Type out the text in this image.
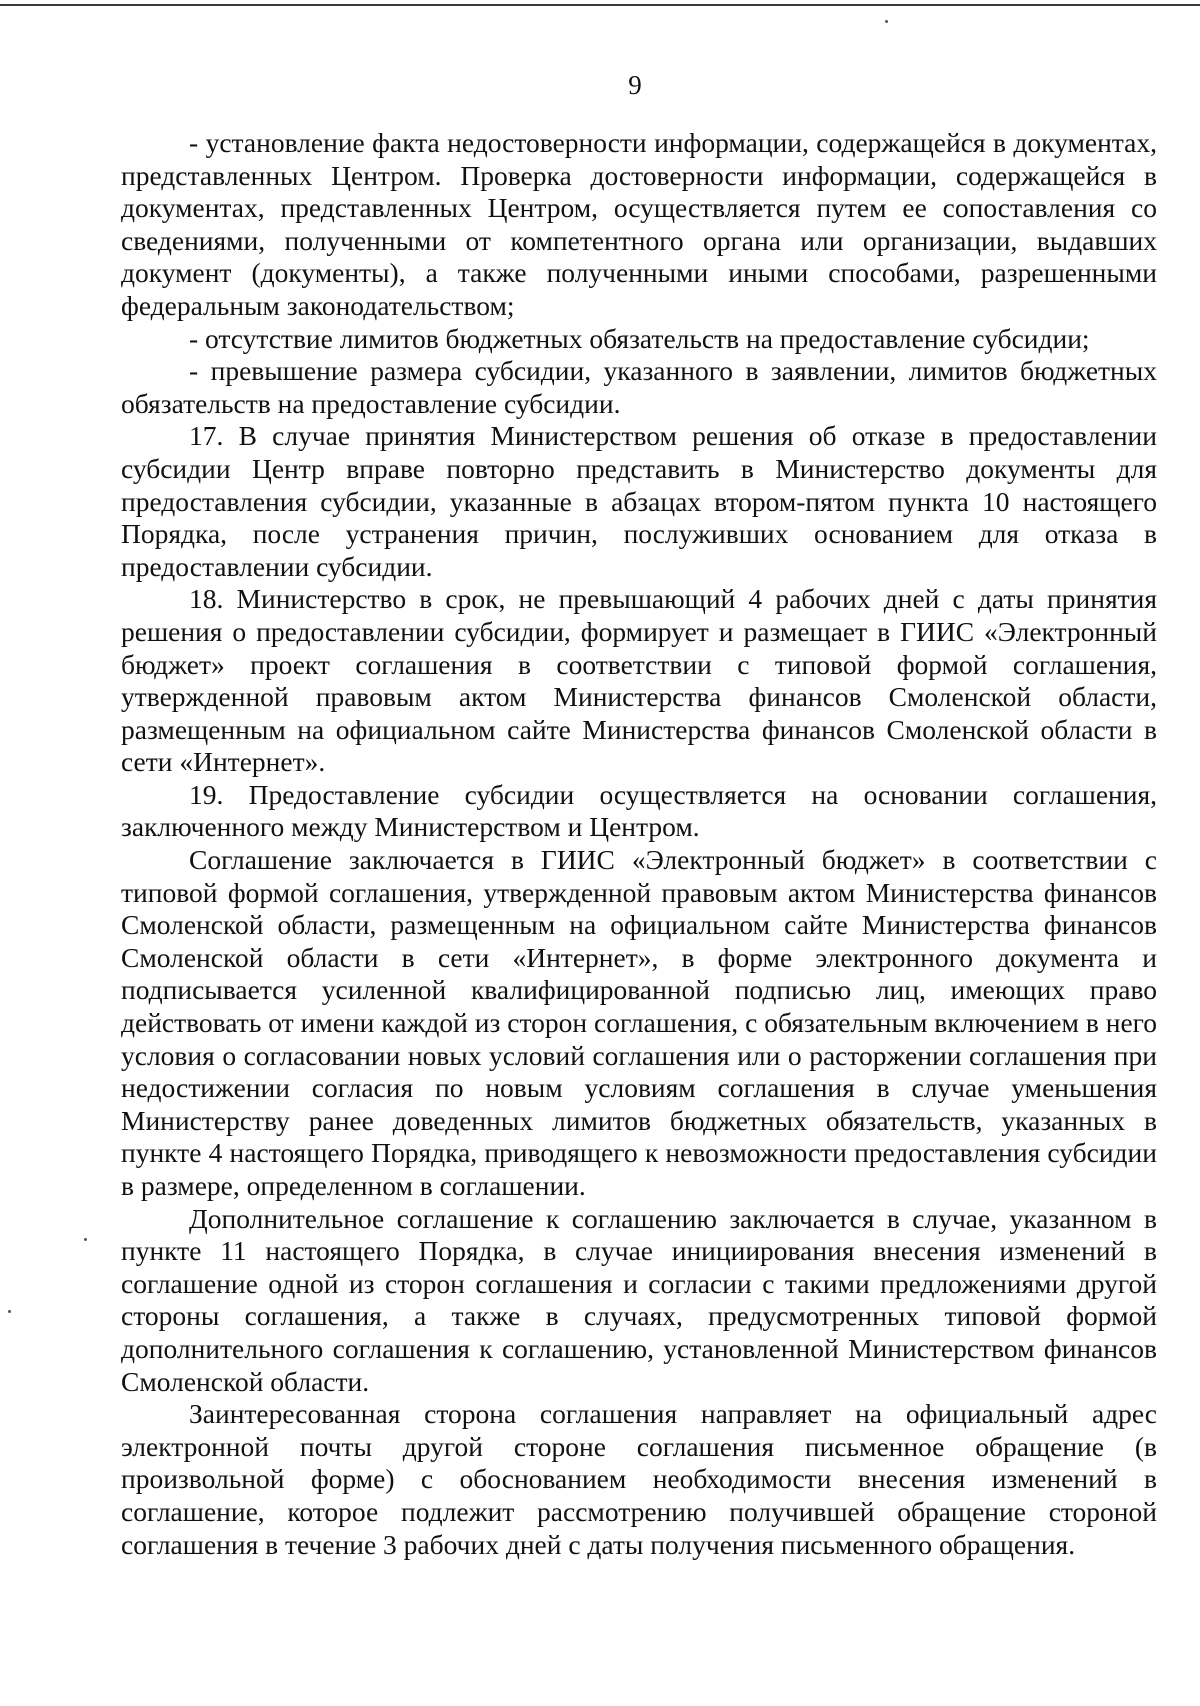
9

- установление факта недостоверности информации, содержащейся в документах, представленных Центром. Проверка достоверности информации, содержащейся в документах, представленных Центром, осуществляется путем ее сопоставления со сведениями, полученными от компетентного органа или организации, выдавших документ (документы), а также полученными иными способами, разрешенными федеральным законодательством;

- отсутствие лимитов бюджетных обязательств на предоставление субсидии;

- превышение размера субсидии, указанного в заявлении, лимитов бюджетных обязательств на предоставление субсидии.

17. В случае принятия Министерством решения об отказе в предоставлении субсидии Центр вправе повторно представить в Министерство документы для предоставления субсидии, указанные в абзацах втором-пятом пункта 10 настоящего Порядка, после устранения причин, послуживших основанием для отказа в предоставлении субсидии.

18. Министерство в срок, не превышающий 4 рабочих дней с даты принятия решения о предоставлении субсидии, формирует и размещает в ГИИС «Электронный бюджет» проект соглашения в соответствии с типовой формой соглашения, утвержденной правовым актом Министерства финансов Смоленской области, размещенным на официальном сайте Министерства финансов Смоленской области в сети «Интернет».

19. Предоставление субсидии осуществляется на основании соглашения, заключенного между Министерством и Центром.

Соглашение заключается в ГИИС «Электронный бюджет» в соответствии с типовой формой соглашения, утвержденной правовым актом Министерства финансов Смоленской области, размещенным на официальном сайте Министерства финансов Смоленской области в сети «Интернет», в форме электронного документа и подписывается усиленной квалифицированной подписью лиц, имеющих право действовать от имени каждой из сторон соглашения, с обязательным включением в него условия о согласовании новых условий соглашения или о расторжении соглашения при недостижении согласия по новым условиям соглашения в случае уменьшения Министерству ранее доведенных лимитов бюджетных обязательств, указанных в пункте 4 настоящего Порядка, приводящего к невозможности предоставления субсидии в размере, определенном в соглашении.

Дополнительное соглашение к соглашению заключается в случае, указанном в пункте 11 настоящего Порядка, в случае инициирования внесения изменений в соглашение одной из сторон соглашения и согласии с такими предложениями другой стороны соглашения, а также в случаях, предусмотренных типовой формой дополнительного соглашения к соглашению, установленной Министерством финансов Смоленской области.

Заинтересованная сторона соглашения направляет на официальный адрес электронной почты другой стороне соглашения письменное обращение (в произвольной форме) с обоснованием необходимости внесения изменений в соглашение, которое подлежит рассмотрению получившей обращение стороной соглашения в течение 3 рабочих дней с даты получения письменного обращения.
